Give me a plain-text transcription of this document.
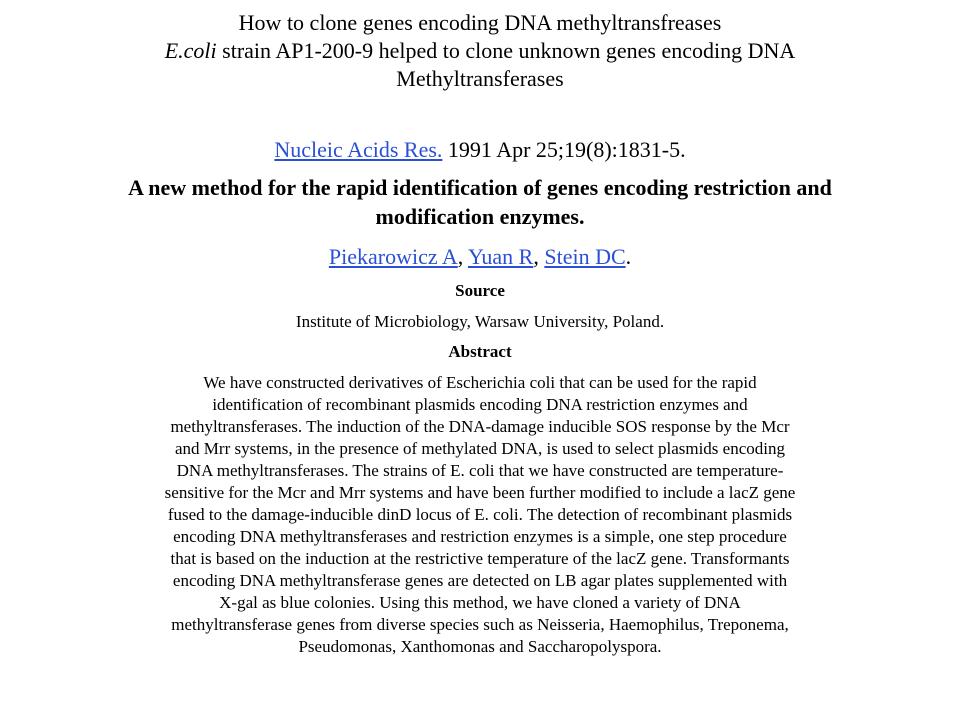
How to clone genes encoding DNA methyltransfreases
E.coli strain AP1-200-9 helped to clone unknown genes encoding DNA
Methyltransferases
Nucleic Acids Res. 1991 Apr 25;19(8):1831-5.
A new method for the rapid identification of genes encoding restriction and modification enzymes.
Piekarowicz A, Yuan R, Stein DC.
Source
Institute of Microbiology, Warsaw University, Poland.
Abstract
We have constructed derivatives of Escherichia coli that can be used for the rapid
identification of recombinant plasmids encoding DNA restriction enzymes and
methyltransferases. The induction of the DNA-damage inducible SOS response by the Mcr
and Mrr systems, in the presence of methylated DNA, is used to select plasmids encoding
DNA methyltransferases. The strains of E. coli that we have constructed are temperature-
sensitive for the Mcr and Mrr systems and have been further modified to include a lacZ gene
fused to the damage-inducible dinD locus of E. coli. The detection of recombinant plasmids
encoding DNA methyltransferases and restriction enzymes is a simple, one step procedure
that is based on the induction at the restrictive temperature of the lacZ gene. Transformants
encoding DNA methyltransferase genes are detected on LB agar plates supplemented with
X-gal as blue colonies. Using this method, we have cloned a variety of DNA
methyltransferase genes from diverse species such as Neisseria, Haemophilus, Treponema,
Pseudomonas, Xanthomonas and Saccharopolyspora.
